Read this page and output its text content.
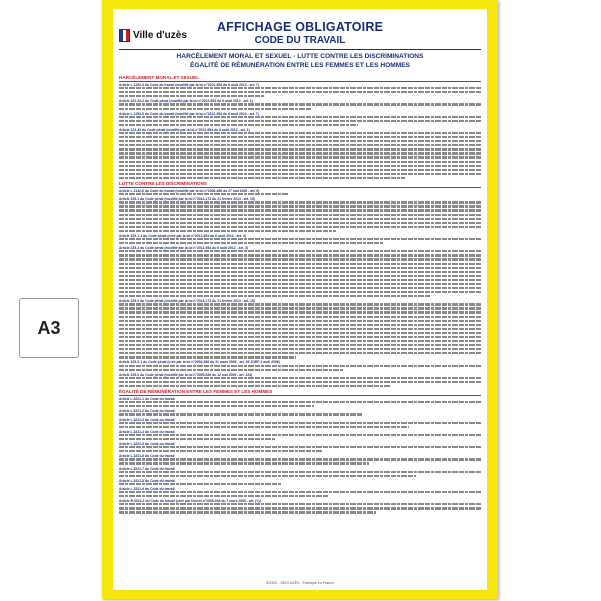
A3
Ville d'uzès
AFFICHAGE OBLIGATOIRE
CODE DU TRAVAIL
HARCÈLEMENT MORAL ET SEXUEL - LUTTE CONTRE LES DISCRIMINATIONS
ÉGALITÉ DE RÉMUNÉRATION ENTRE LES FEMMES ET LES HOMMES
HARCÈLEMENT MORAL ET SEXUEL
Article L.1152-4 du Code du travail (modifié par la loi n°2012-954 du 6 août 2012 - art. 7)
Article 222-33-2 du Code pénal (modifié par la loi n°2012-954 du 6 août 2012 - art. 1)
Article L.1153-5 du Code du travail (modifié par la loi n°2012-954 du 6 août 2012 - art. 7)
Article 222-33 du Code pénal (modifié par la loi n°2012-954 du 6 août 2012 - art. 1)
LUTTE CONTRE LES DISCRIMINATIONS
Article L.1142-6 du Code du travail (modifié par la loi n°2008-496 du 27 mai 2008 - art. 6)
Article 225-1 du Code pénal (modifié par la loi n°2014-173 du 21 février 2014 - art. 15)
Article 225-1-1 du Code pénal (créé par la loi n°2012-954 du 6 août 2012 - art. 3)
Article 225-2 du Code pénal (modifié par la loi n°2012-954 du 6 août 2012 - art. 3)
Article 225-3 du Code pénal (modifié par la loi n°2014-173 du 21 février 2014 - art. 15)
Article 225-3-1 du Code pénal (créé par la loi n°2006-396 du 31 mars 2006 - art. 45 JORF 2 avril 2006)
Article 225-4 du Code pénal (modifié par la loi n°2009-526 du 12 mai 2009 - art. 124)
ÉGALITÉ DE RÉMUNÉRATION ENTRE LES FEMMES ET LES HOMMES
Article L.3221-1 du Code du travail
Article L.3221-2 du Code du travail
Article L.3221-3 du Code du travail
Article L.3221-4 du Code du travail
Article L.3221-5 du Code du travail
Article L.3221-6 du Code du travail
Article L.3221-7 du Code du travail
Article L.3221-8 du Code du travail
Article L.3221-9 du Code du travail
Article R.3221-2 du Code du travail (créé par Décret n°2008-244 du 7 mars 2008 - art. (V))
SO300 - SEDI UZÈS - Fabriqué en France
